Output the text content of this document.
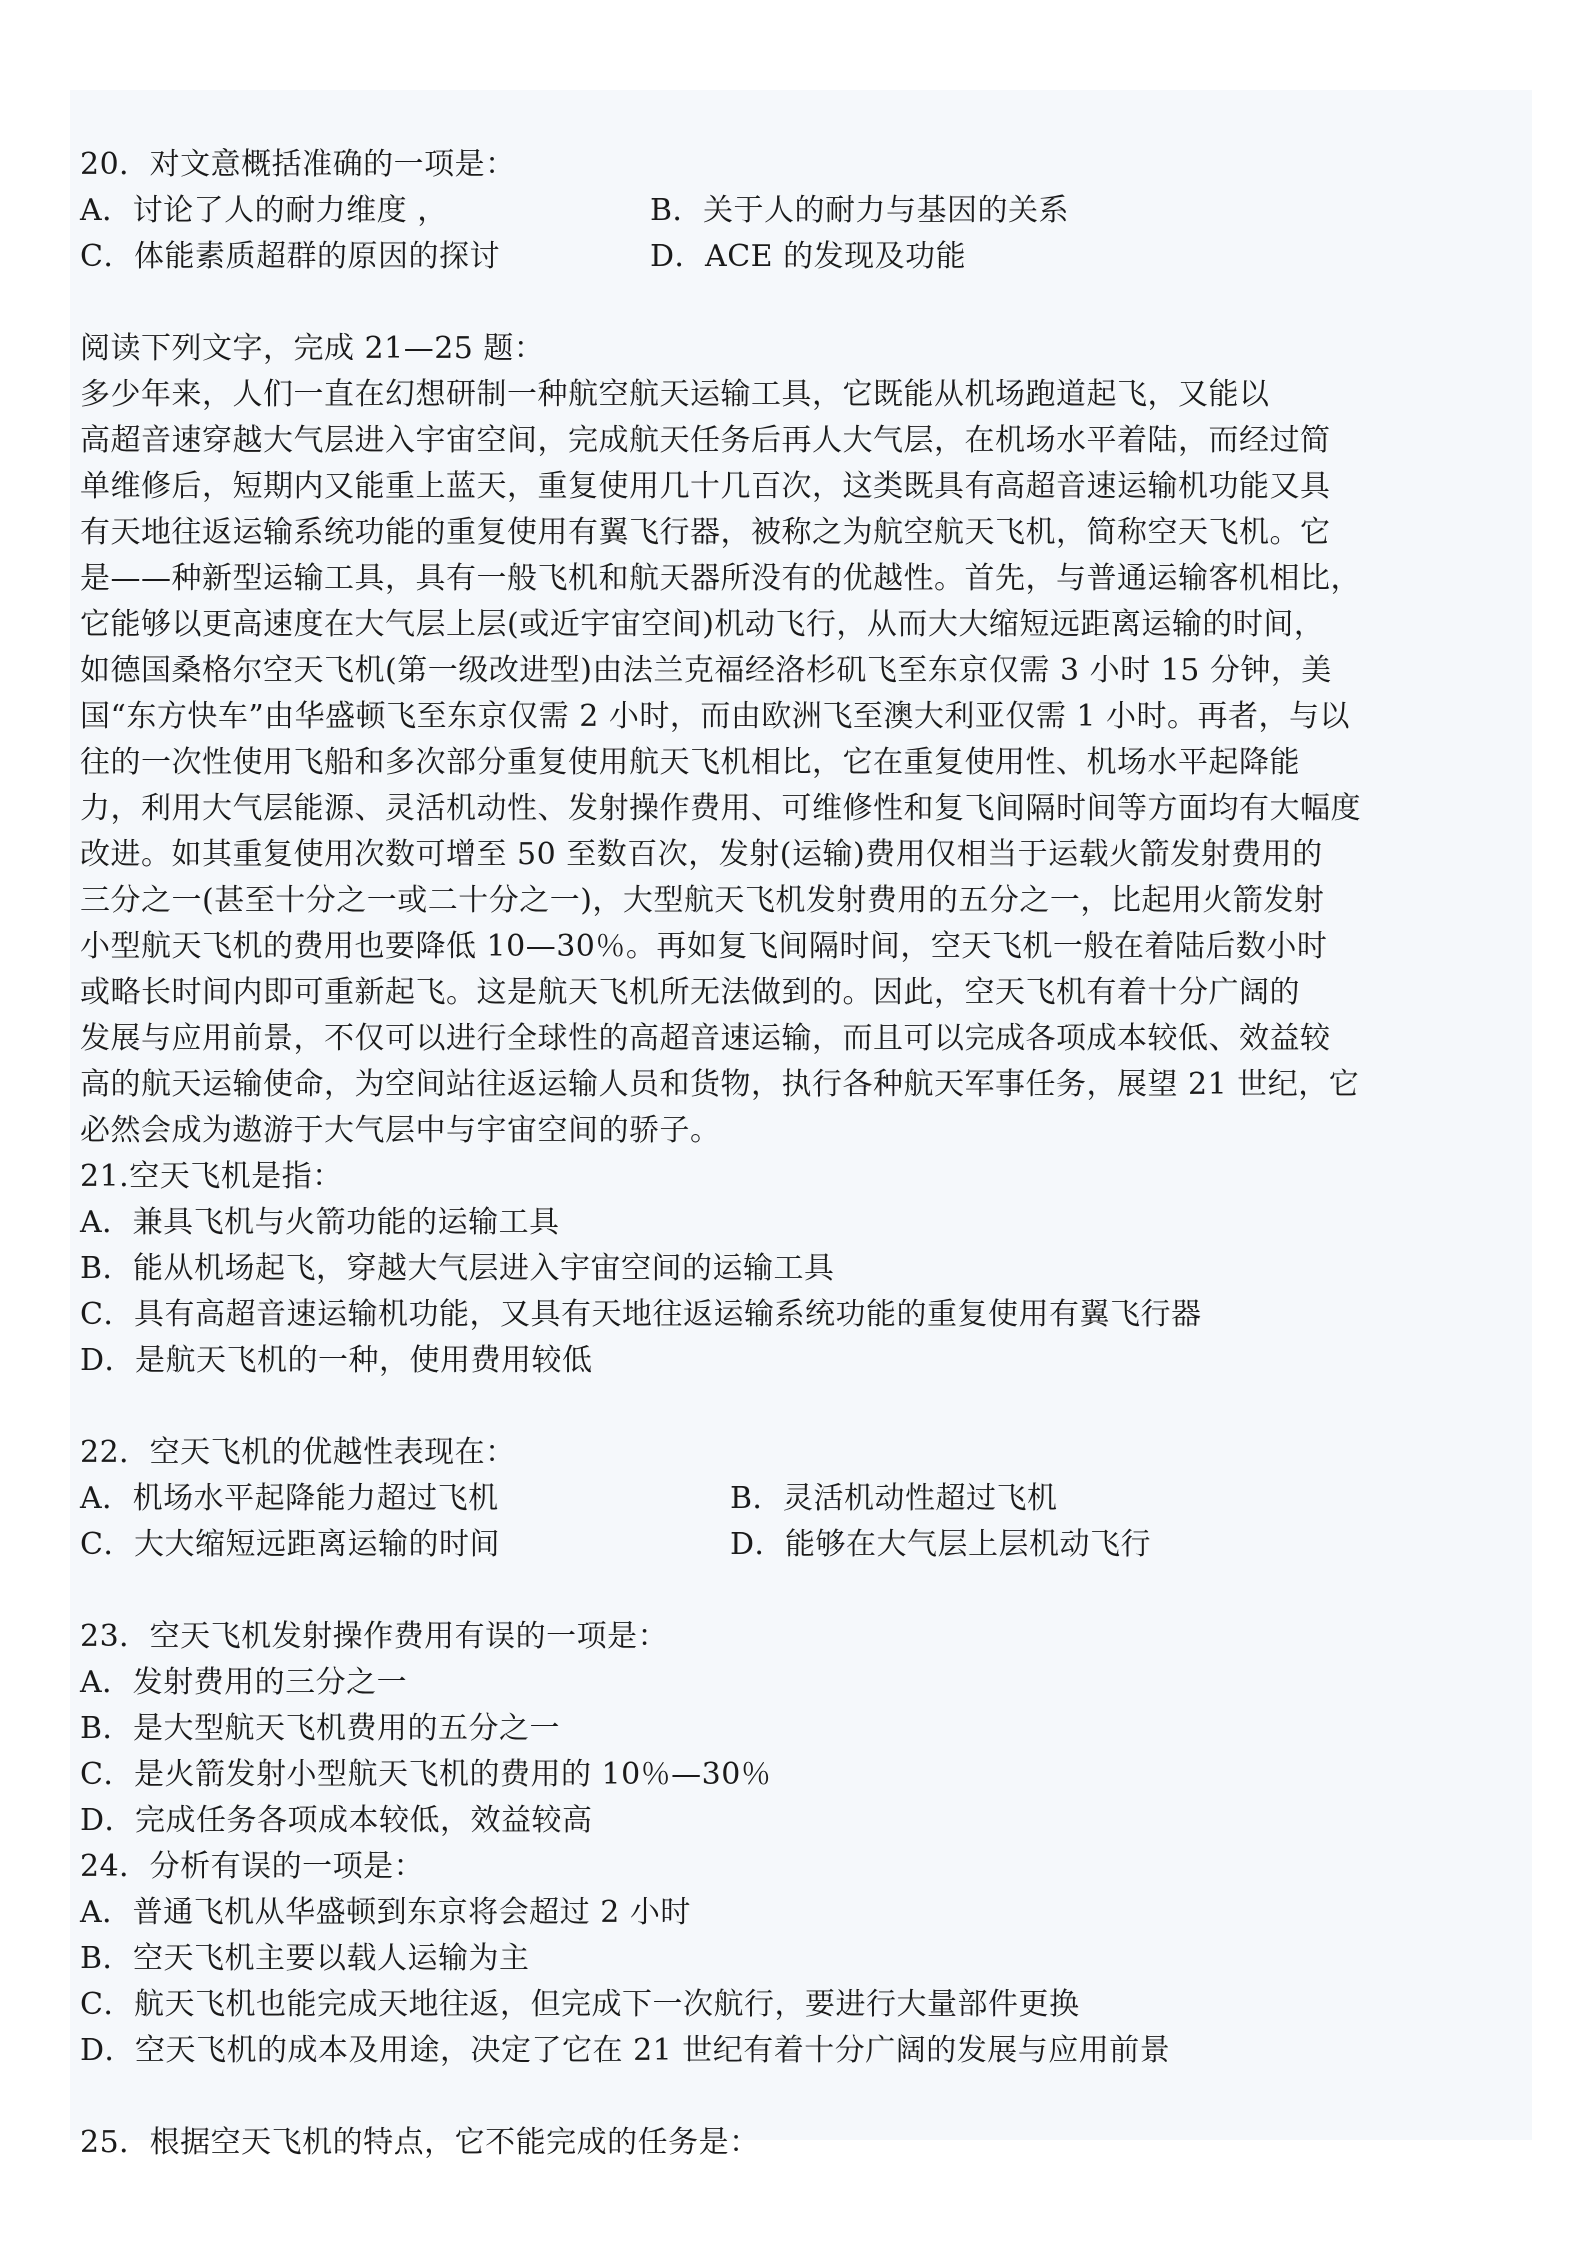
20．对文意概括准确的一项是：
A．讨论了人的耐力维度 ，	B．关于人的耐力与基因的关系
C．体能素质超群的原因的探讨	D．ACE 的发现及功能
阅读下列文字，完成 21—25 题：
多少年来，人们一直在幻想研制一种航空航天运输工具，它既能从机场跑道起飞，又能以
高超音速穿越大气层进入宇宙空间，完成航天任务后再人大气层，在机场水平着陆，而经过简
单维修后，短期内又能重上蓝天，重复使用几十几百次，这类既具有高超音速运输机功能又具
有天地往返运输系统功能的重复使用有翼飞行器，被称之为航空航天飞机，简称空天飞机。它
是——种新型运输工具，具有一般飞机和航天器所没有的优越性。首先，与普通运输客机相比，
它能够以更高速度在大气层上层(或近宇宙空间)机动飞行，从而大大缩短远距离运输的时间，
如德国桑格尔空天飞机(第一级改进型)由法兰克福经洛杉矶飞至东京仅需 3 小时 15 分钟，美
国“东方快车”由华盛顿飞至东京仅需 2 小时，而由欧洲飞至澳大利亚仅需 1 小时。再者，与以
往的一次性使用飞船和多次部分重复使用航天飞机相比，它在重复使用性、机场水平起降能
力，利用大气层能源、灵活机动性、发射操作费用、可维修性和复飞间隔时间等方面均有大幅度
改进。如其重复使用次数可增至 50 至数百次，发射(运输)费用仅相当于运载火箭发射费用的
三分之一(甚至十分之一或二十分之一)，大型航天飞机发射费用的五分之一，比起用火箭发射
小型航天飞机的费用也要降低 10—30％。再如复飞间隔时间，空天飞机一般在着陆后数小时
或略长时间内即可重新起飞。这是航天飞机所无法做到的。因此，空天飞机有着十分广阔的
发展与应用前景，不仅可以进行全球性的高超音速运输，而且可以完成各项成本较低、效益较
高的航天运输使命，为空间站往返运输人员和货物，执行各种航天军事任务，展望 21 世纪，它
必然会成为遨游于大气层中与宇宙空间的骄子。
21.空天飞机是指：
A．兼具飞机与火箭功能的运输工具
B．能从机场起飞，穿越大气层进入宇宙空间的运输工具
C．具有高超音速运输机功能，又具有天地往返运输系统功能的重复使用有翼飞行器
D．是航天飞机的一种，使用费用较低
22．空天飞机的优越性表现在：
A．机场水平起降能力超过飞机	B．灵活机动性超过飞机
C．大大缩短远距离运输的时间	D．能够在大气层上层机动飞行
23．空天飞机发射操作费用有误的一项是：
A．发射费用的三分之一
B．是大型航天飞机费用的五分之一
C．是火箭发射小型航天飞机的费用的 10％—30％
D．完成任务各项成本较低，效益较高
24．分析有误的一项是：
A．普通飞机从华盛顿到东京将会超过 2 小时
B．空天飞机主要以载人运输为主
C．航天飞机也能完成天地往返，但完成下一次航行，要进行大量部件更换
D．空天飞机的成本及用途，决定了它在 21 世纪有着十分广阔的发展与应用前景
25．根据空天飞机的特点，它不能完成的任务是：
